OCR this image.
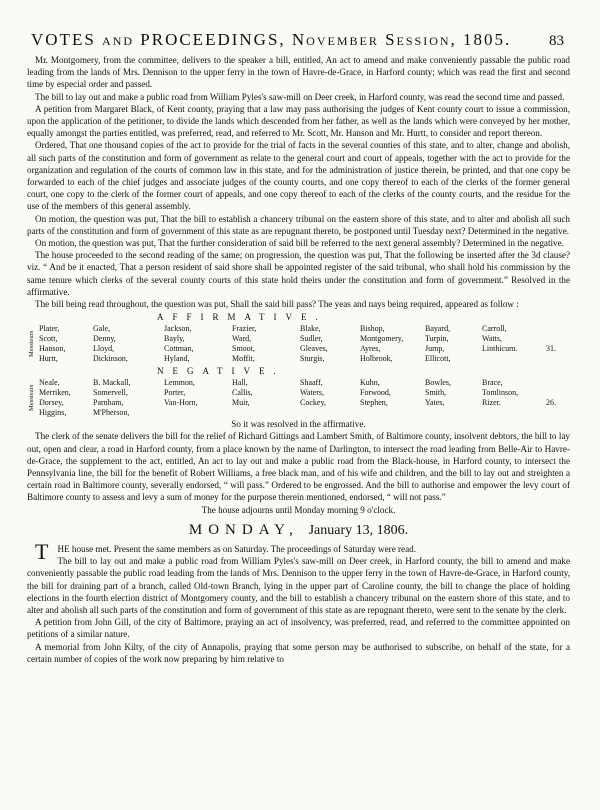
VOTES and PROCEEDINGS, November Session, 1805.	83

Mr. Montgomery, from the committee, delivers to the speaker a bill, entitled, An act to amend and make conveniently passable the public road leading from the lands of Mrs. Dennison to the upper ferry in the town of Havre-de-Grace, in Harford county; which was read the first and second time by especial order and passed.

The bill to lay out and make a public road from William Pyles's saw-mill on Deer creek, in Harford county, was read the second time and passed.

A petition from Margaret Black, of Kent county, praying that a law may pass authorising the judges of Kent county court to issue a commission, upon the application of the petitioner, to divide the lands which descended from her father, as well as the lands which were conveyed by her mother, equally amongst the parties entitled, was preferred, read, and referred to Mr. Scott, Mr. Hanson and Mr. Hurtt, to consider and report thereon.

Ordered, That one thousand copies of the act to provide for the trial of facts in the several counties of this state, and to alter, change and abolish, all such parts of the constitution and form of government as relate to the general court and court of appeals, together with the act to provide for the organization and regulation of the courts of common law in this state, and for the administration of justice therein, be printed, and that one copy be forwarded to each of the chief judges and associate judges of the county courts, and one copy thereof to each of the clerks of the former general court, one copy to the clerk of the former court of appeals, and one copy thereof to each of the clerks of the county courts, and the residue for the use of the members of this general assembly.

On motion, the question was put, That the bill to establish a chancery tribunal on the eastern shore of this state, and to alter and abolish all such parts of the constitution and form of government of this state as are repugnant thereto, be postponed until Tuesday next? Determined in the negative.

On motion, the question was put, That the further consideration of said bill be referred to the next general assembly? Determined in the negative.

The house proceeded to the second reading of the same; on progression, the question was put, That the following be inserted after the 3d clause? viz. “ And be it enacted, That a person resident of said shore shall be appointed register of the said tribunal, who shall hold his commission by the same tenure which clerks of the several county courts of this state hold theirs under the constitution and form of government.” Resolved in the affirmative.

The bill being read throughout, the question was put, Shall the said bill pass? The yeas and nays being required, appeared as follow :

AFFIRMATIVE.
Messieurs
Plater,	Gale,	Jackson,	Frazier,	Blake,	Bishop,	Bayard,	Carroll,
Scott,	Denny,	Bayly,	Ward,	Sudler,	Montgomery,	Turpin,	Watts,
Hanson,	Lloyd,	Cottman,	Smoot,	Gleaves,	Ayres,	Jump,	Linthicum.	31.
Hurtt,	Dickinson,	Hyland,	Moffit,	Sturgis,	Holbrook,	Ellicott,
NEGATIVE.
Messieurs
Neale,	B. Mackall,	Lemmon,	Hall,	Shaaff,	Kuhn,	Bowles,	Brace,
Merriken,	Somervell,	Porter,	Callis,	Waters,	Forwood,	Smith,	Tomlinson,
Dorsey,	Parnham,	Van-Horn,	Muir,	Cockey,	Stephen,	Yates,	Rizer.	26.
Higgins,	M'Pherson,

So it was resolved in the affirmative.

The clerk of the senate delivers the bill for the relief of Richard Gittings and Lambert Smith, of Baltimore county, insolvent debtors, the bill to lay out, open and clear, a road in Harford county, from a place known by the name of Darlington, to intersect the road leading from Belle-Air to Havre-de-Grace, the supplement to the act, entitled, An act to lay out and make a public road from the Black-house, in Harford county, to intersect the Pennsylvania line, the bill for the benefit of Robert Williams, a free black man, and of his wife and children, and the bill to lay out and streighten a certain road in Baltimore county, severally endorsed, “ will pass.” Ordered to be engrossed. And the bill to authorise and empower the levy court of Baltimore county to assess and levy a sum of money for the purpose therein mentioned, endorsed, “ will not pass.”

The house adjourns until Monday morning 9 o'clock.

MONDAY, January 13, 1806.

THE house met. Present the same members as on Saturday. The proceedings of Saturday were read.

The bill to lay out and make a public road from William Pyles's saw-mill on Deer creek, in Harford county, the bill to amend and make conveniently passable the public road leading from the lands of Mrs. Dennison to the upper ferry in the town of Havre-de-Grace, in Harford county, the bill for draining part of a branch, called Old-town Branch, lying in the upper part of Caroline county, the bill to change the place of holding elections in the fourth election district of Montgomery county, and the bill to establish a chancery tribunal on the eastern shore of this state, and to alter and abolish all such parts of the constitution and form of government of this state as are repugnant thereto, were sent to the senate by the clerk.

A petition from John Gill, of the city of Baltimore, praying an act of insolvency, was preferred, read, and referred to the committee appointed on petitions of a similar nature.

A memorial from John Kilty, of the city of Annapolis, praying that some person may be authorised to subscribe, on behalf of the state, for a certain number of copies of the work now preparing by him relative to
